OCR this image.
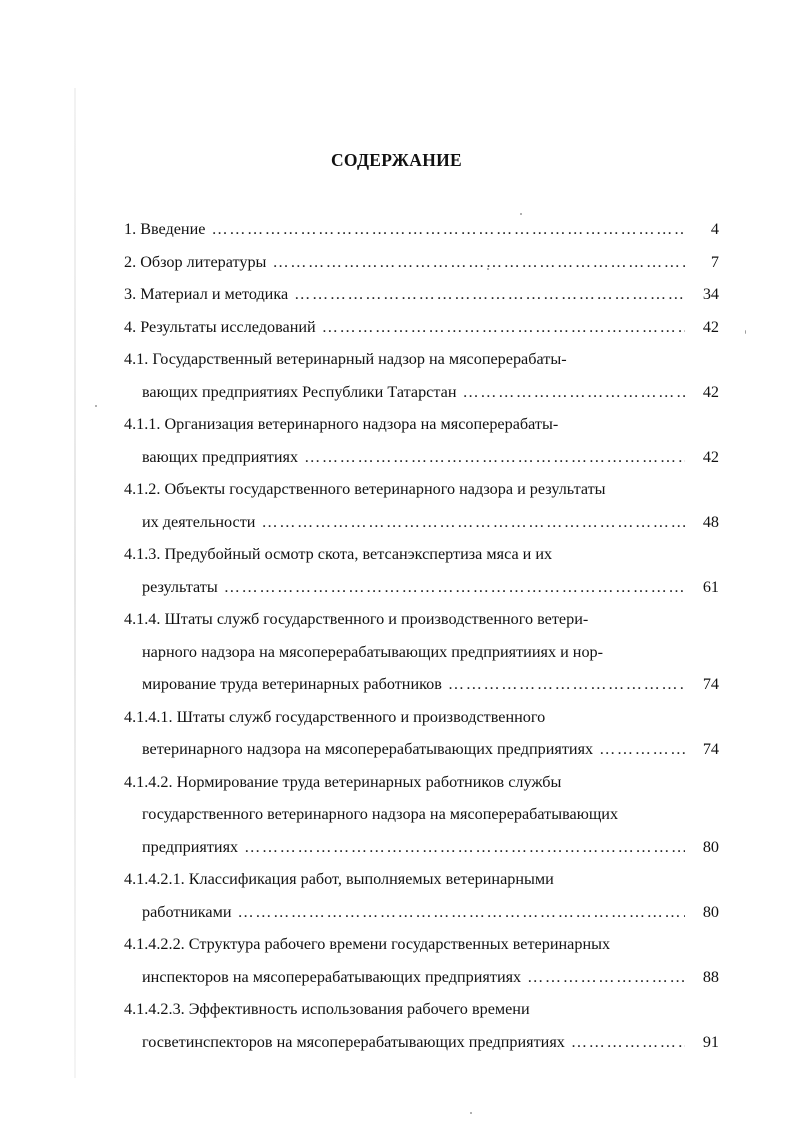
СОДЕРЖАНИЕ
1. Введение ………………………………………………………………………………………………………………………………………………………………	4
2. Обзор литературы ………………………………………………………………………………………………………………………………………………………………	7
3. Материал и методика ………………………………………………………………………………………………………………………………………………………………	34
4. Результаты исследований ………………………………………………………………………………………………………………………………………………………………	42
4.1. Государственный ветеринарный надзор на мясоперерабаты-
вающих предприятиях Республики Татарстан ………………………………………………………………………………………………………………………………………………………………	42
4.1.1. Организация ветеринарного надзора на мясоперерабаты-
вающих предприятиях ………………………………………………………………………………………………………………………………………………………………	42
4.1.2. Объекты государственного ветеринарного надзора и результаты
их деятельности ………………………………………………………………………………………………………………………………………………………………	48
4.1.3. Предубойный осмотр скота, ветсанэкспертиза мяса и их
результаты ………………………………………………………………………………………………………………………………………………………………	61
4.1.4. Штаты служб государственного и производственного ветери-
нарного надзора на мясоперерабатывающих предприятииях и нор-
мирование труда ветеринарных работников ………………………………………………………………………………………………………………………………………………………………	74
4.1.4.1. Штаты служб государственного и производственного
ветеринарного надзора на мясоперерабатывающих предприятиях ………………………………………………………………………………………………………………………………………………………………	74
4.1.4.2. Нормирование труда ветеринарных работников службы
государственного ветеринарного надзора на мясоперерабатывающих
предприятиях ………………………………………………………………………………………………………………………………………………………………	80
4.1.4.2.1. Классификация работ, выполняемых ветеринарными
работниками ………………………………………………………………………………………………………………………………………………………………	80
4.1.4.2.2. Структура рабочего времени государственных ветеринарных
инспекторов на мясоперерабатывающих предприятиях ………………………………………………………………………………………………………………………………………………………………	88
4.1.4.2.3. Эффективность использования рабочего времени
госветинспекторов на мясоперерабатывающих предприятиях ………………………………………………………………………………………………………………………………………………………………	91
